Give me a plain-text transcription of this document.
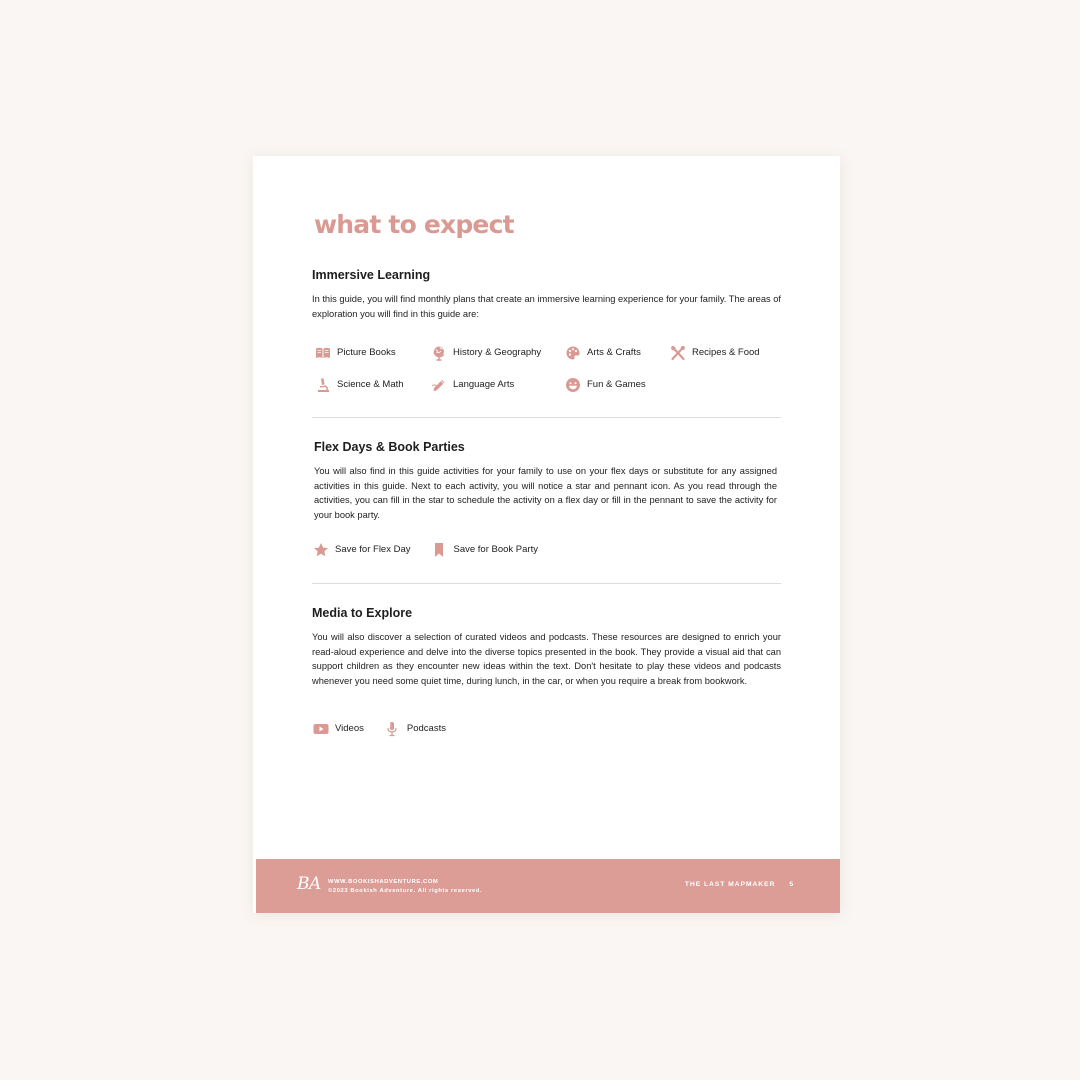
what to expect
Immersive Learning

In this guide, you will find monthly plans that create an immersive learning experience for your family. The areas of exploration you will find in this guide are:

Picture Books	History & Geography	Arts & Crafts	Recipes & Food
Science & Math	Language Arts	Fun & Games
Flex Days & Book Parties

You will also find in this guide activities for your family to use on your flex days or substitute for any assigned activities in this guide. Next to each activity, you will notice a star and pennant icon. As you read through the activities, you can fill in the star to schedule the activity on a flex day or fill in the pennant to save the activity for your book party.

Save for Flex Day	Save for Book Party
Media to Explore

You will also discover a selection of curated videos and podcasts. These resources are designed to enrich your read-aloud experience and delve into the diverse topics presented in the book. They provide a visual aid that can support children as they encounter new ideas within the text. Don't hesitate to play these videos and podcasts whenever you need some quiet time, during lunch, in the car, or when you require a break from bookwork.

Videos	Podcasts
BA WWW.BOOKISHADVENTURE.COM
©2023 Bookish Adventure. All rights reserved.
THE LAST MAPMAKER 5
